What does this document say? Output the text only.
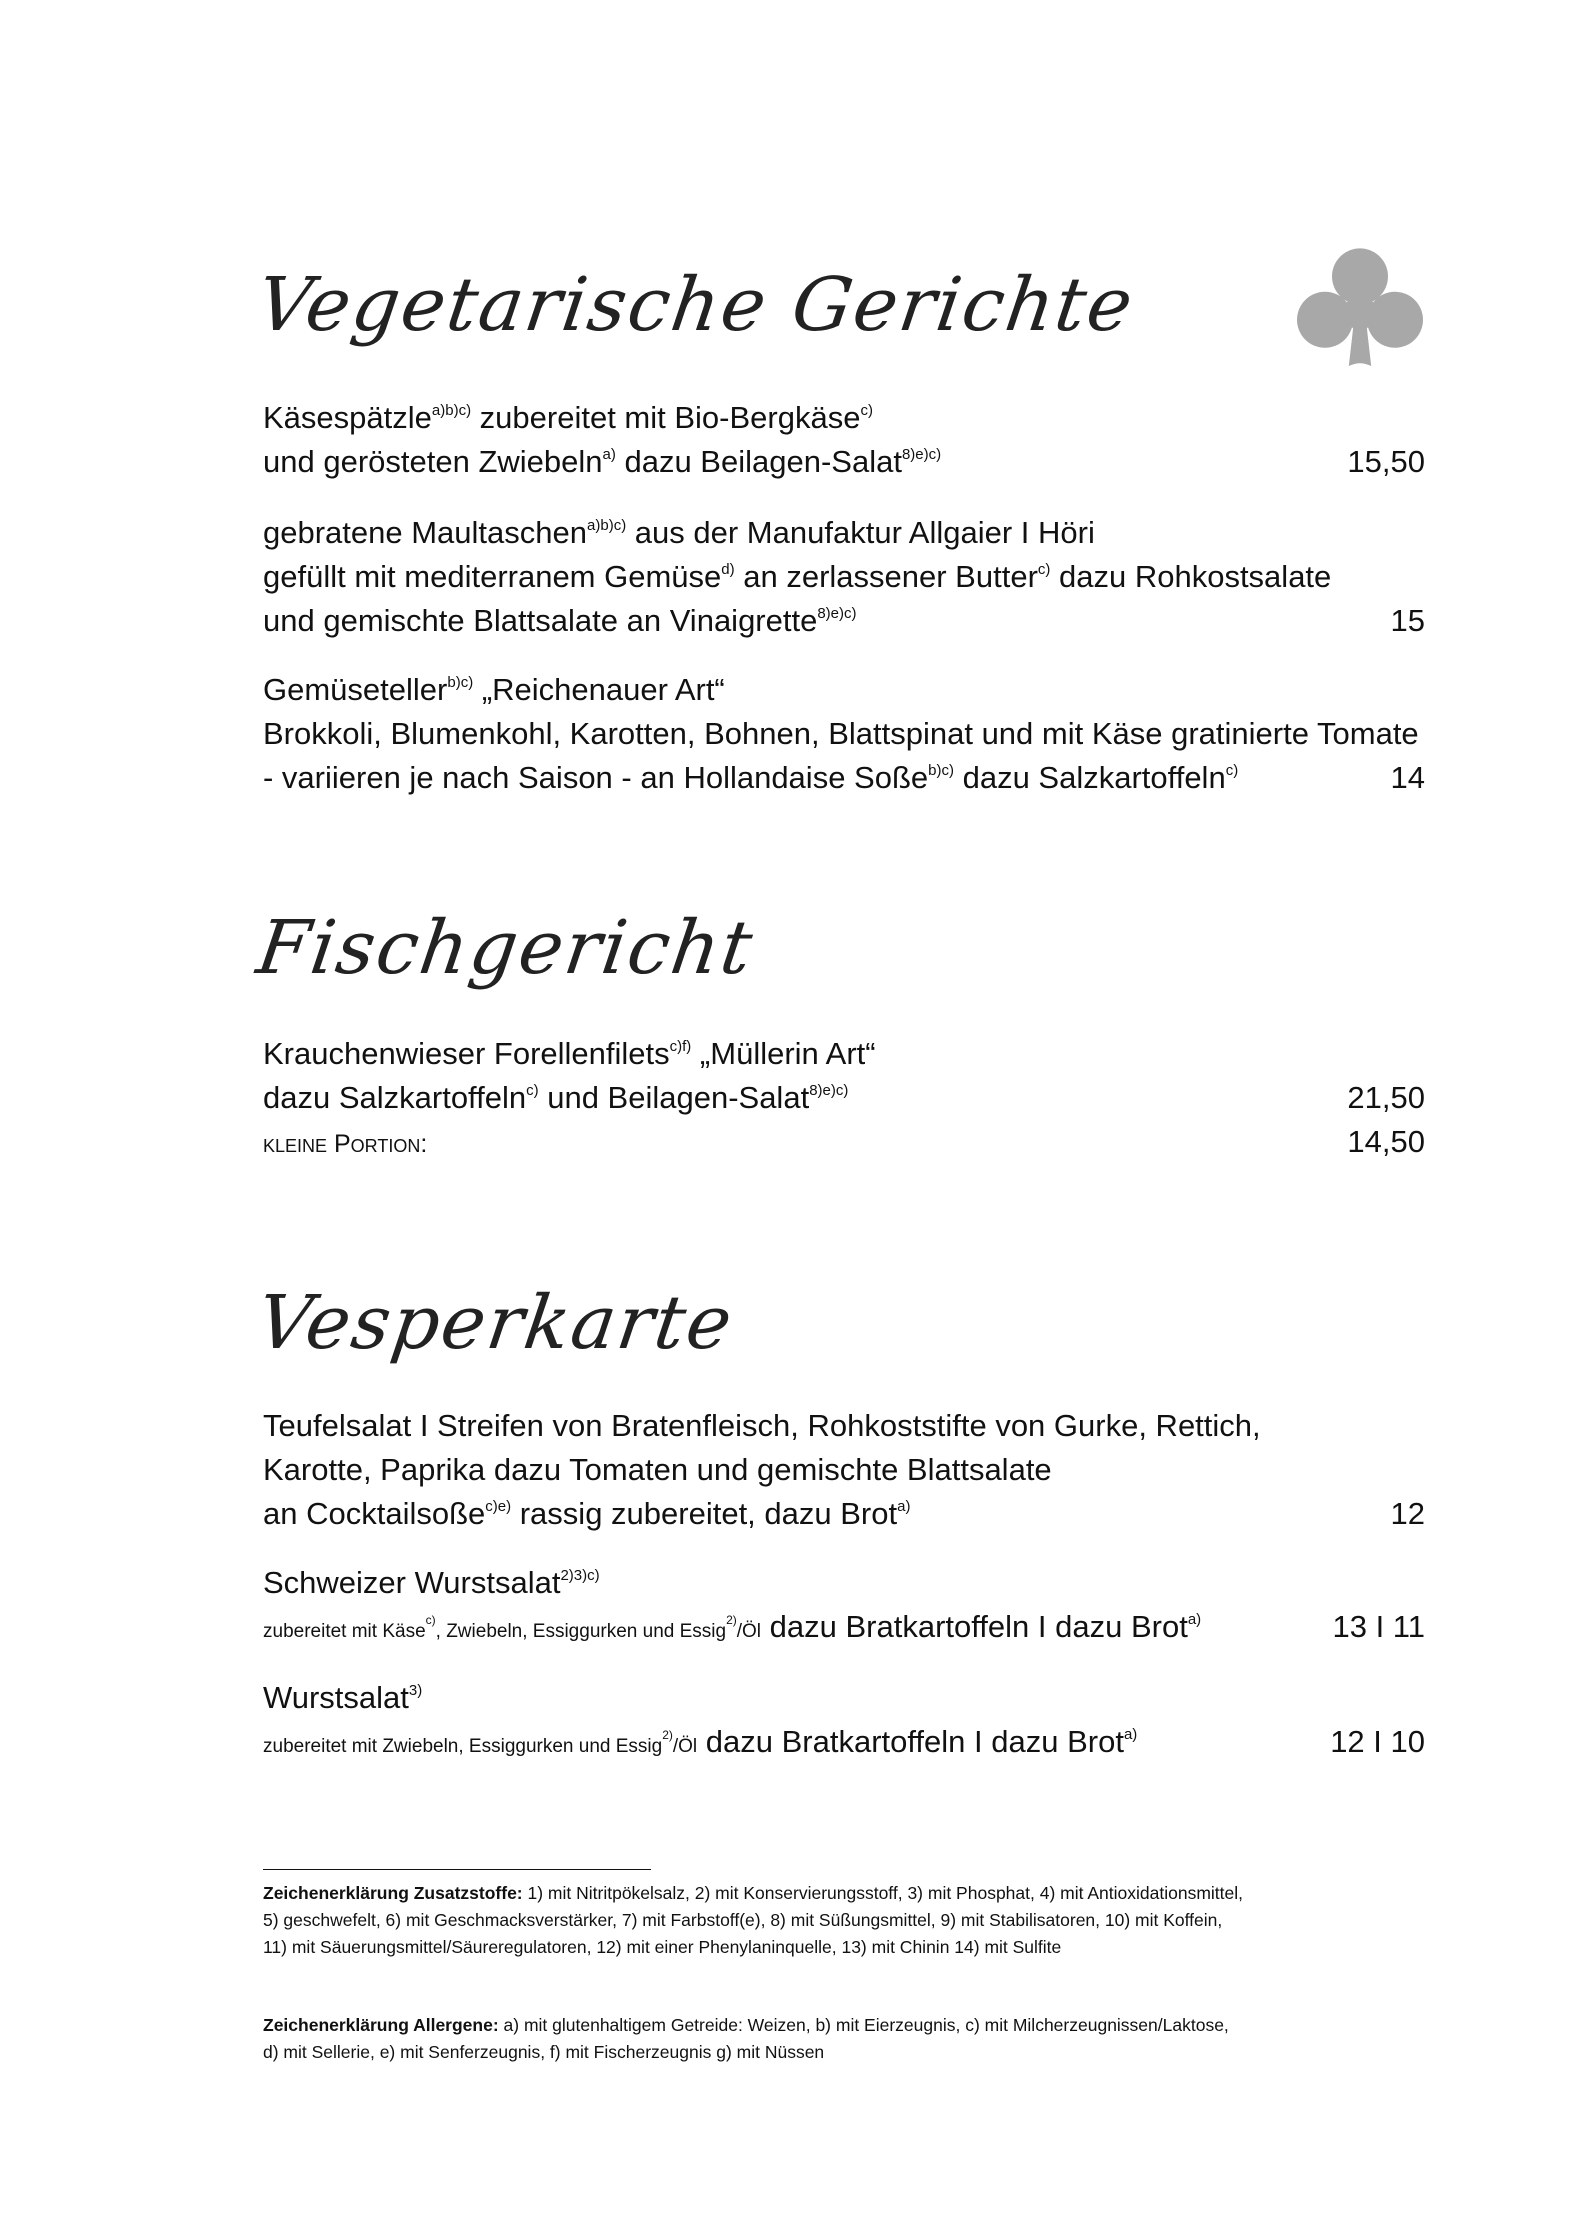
Vegetarische Gerichte
Käsespätzle$^{a)b)c)}$ zubereitet mit Bio-Bergkäse$^{c)}$
und gerösteten Zwiebeln$^{a)}$ dazu Beilagen-Salat$^{8)e)c)}$	15,50
gebratene Maultaschen$^{a)b)c)}$ aus der Manufaktur Allgaier I Höri
gefüllt mit mediterranem Gemüse$^{d)}$ an zerlassener Butter$^{c)}$ dazu Rohkostsalate
und gemischte Blattsalate an Vinaigrette$^{8)e)c)}$	15
Gemüseteller$^{b)c)}$ „Reichenauer Art“
Brokkoli, Blumenkohl, Karotten, Bohnen, Blattspinat und mit Käse gratinierte Tomate
- variieren je nach Saison - an Hollandaise Soße$^{b)c)}$ dazu Salzkartoffeln$^{c)}$	14
Fischgericht
Krauchenwieser Forellenfilets$^{c)f)}$ „Müllerin Art“
dazu Salzkartoffeln$^{c)}$ und Beilagen-Salat$^{8)e)c)}$	21,50
kleine Portion:	14,50
Vesperkarte
Teufelsalat I Streifen von Bratenfleisch, Rohkoststifte von Gurke, Rettich,
Karotte, Paprika dazu Tomaten und gemischte Blattsalate
an Cocktailsoße$^{c)e)}$ rassig zubereitet, dazu Brot$^{a)}$	12
Schweizer Wurstsalat$^{2)3)c)}$
zubereitet mit Käse$^{c)}$, Zwiebeln, Essiggurken und Essig$^{2)}$/Öl dazu Bratkartoffeln I dazu Brot$^{a)}$	13 I 11
Wurstsalat$^{3)}$
zubereitet mit Zwiebeln, Essiggurken und Essig$^{2)}$/Öl dazu Bratkartoffeln I dazu Brot$^{a)}$	12 I 10
Zeichenerklärung Zusatzstoffe: 1) mit Nitritpökelsalz, 2) mit Konservierungsstoff, 3) mit Phosphat, 4) mit Antioxidationsmittel,
5) geschwefelt, 6) mit Geschmacksverstärker, 7) mit Farbstoff(e), 8) mit Süßungsmittel, 9) mit Stabilisatoren, 10) mit Koffein,
11) mit Säuerungsmittel/Säureregulatoren, 12) mit einer Phenylaninquelle, 13) mit Chinin 14) mit Sulfite
Zeichenerklärung Allergene: a) mit glutenhaltigem Getreide: Weizen, b) mit Eierzeugnis, c) mit Milcherzeugnissen/Laktose,
d) mit Sellerie, e) mit Senferzeugnis, f) mit Fischerzeugnis g) mit Nüssen
